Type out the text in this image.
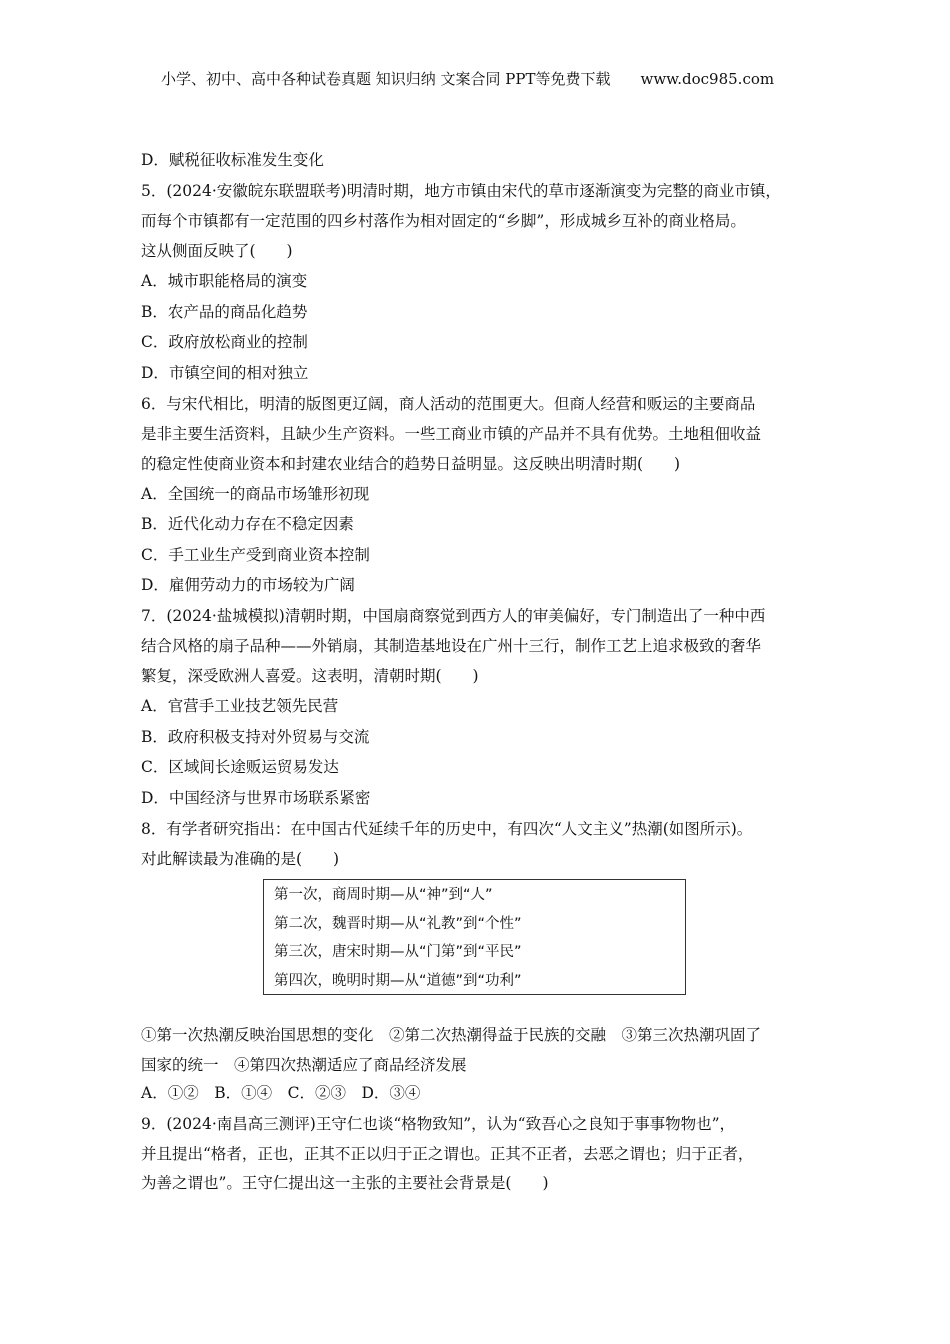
小学、初中、高中各种试卷真题 知识归纳 文案合同 PPT等免费下载 www.doc985.com
D．赋税征收标准发生变化
5．(2024·安徽皖东联盟联考)明清时期，地方市镇由宋代的草市逐渐演变为完整的商业市镇，
而每个市镇都有一定范围的四乡村落作为相对固定的“乡脚”，形成城乡互补的商业格局。
这从侧面反映了(　　)
A．城市职能格局的演变
B．农产品的商品化趋势
C．政府放松商业的控制
D．市镇空间的相对独立
6．与宋代相比，明清的版图更辽阔，商人活动的范围更大。但商人经营和贩运的主要商品
是非主要生活资料，且缺少生产资料。一些工商业市镇的产品并不具有优势。土地租佃收益
的稳定性使商业资本和封建农业结合的趋势日益明显。这反映出明清时期(　　)
A．全国统一的商品市场雏形初现
B．近代化动力存在不稳定因素
C．手工业生产受到商业资本控制
D．雇佣劳动力的市场较为广阔
7．(2024·盐城模拟)清朝时期，中国扇商察觉到西方人的审美偏好，专门制造出了一种中西
结合风格的扇子品种——外销扇，其制造基地设在广州十三行，制作工艺上追求极致的奢华
繁复，深受欧洲人喜爱。这表明，清朝时期(　　)
A．官营手工业技艺领先民营
B．政府积极支持对外贸易与交流
C．区域间长途贩运贸易发达
D．中国经济与世界市场联系紧密
8．有学者研究指出：在中国古代延续千年的历史中，有四次“人文主义”热潮(如图所示)。
对此解读最为准确的是(　　)
①第一次热潮反映治国思想的变化　②第二次热潮得益于民族的交融　③第三次热潮巩固了
国家的统一　④第四次热潮适应了商品经济发展
A．①②　B．①④　C．②③　D．③④
9．(2024·南昌高三测评)王守仁也谈“格物致知”，认为“致吾心之良知于事事物物也”，
并且提出“格者，正也，正其不正以归于正之谓也。正其不正者，去恶之谓也；归于正者，
为善之谓也”。王守仁提出这一主张的主要社会背景是(　　)
第一次，商周时期—从“神”到“人”
第二次，魏晋时期—从“礼教”到“个性”
第三次，唐宋时期—从“门第”到“平民”
第四次，晚明时期—从“道德”到“功利”
